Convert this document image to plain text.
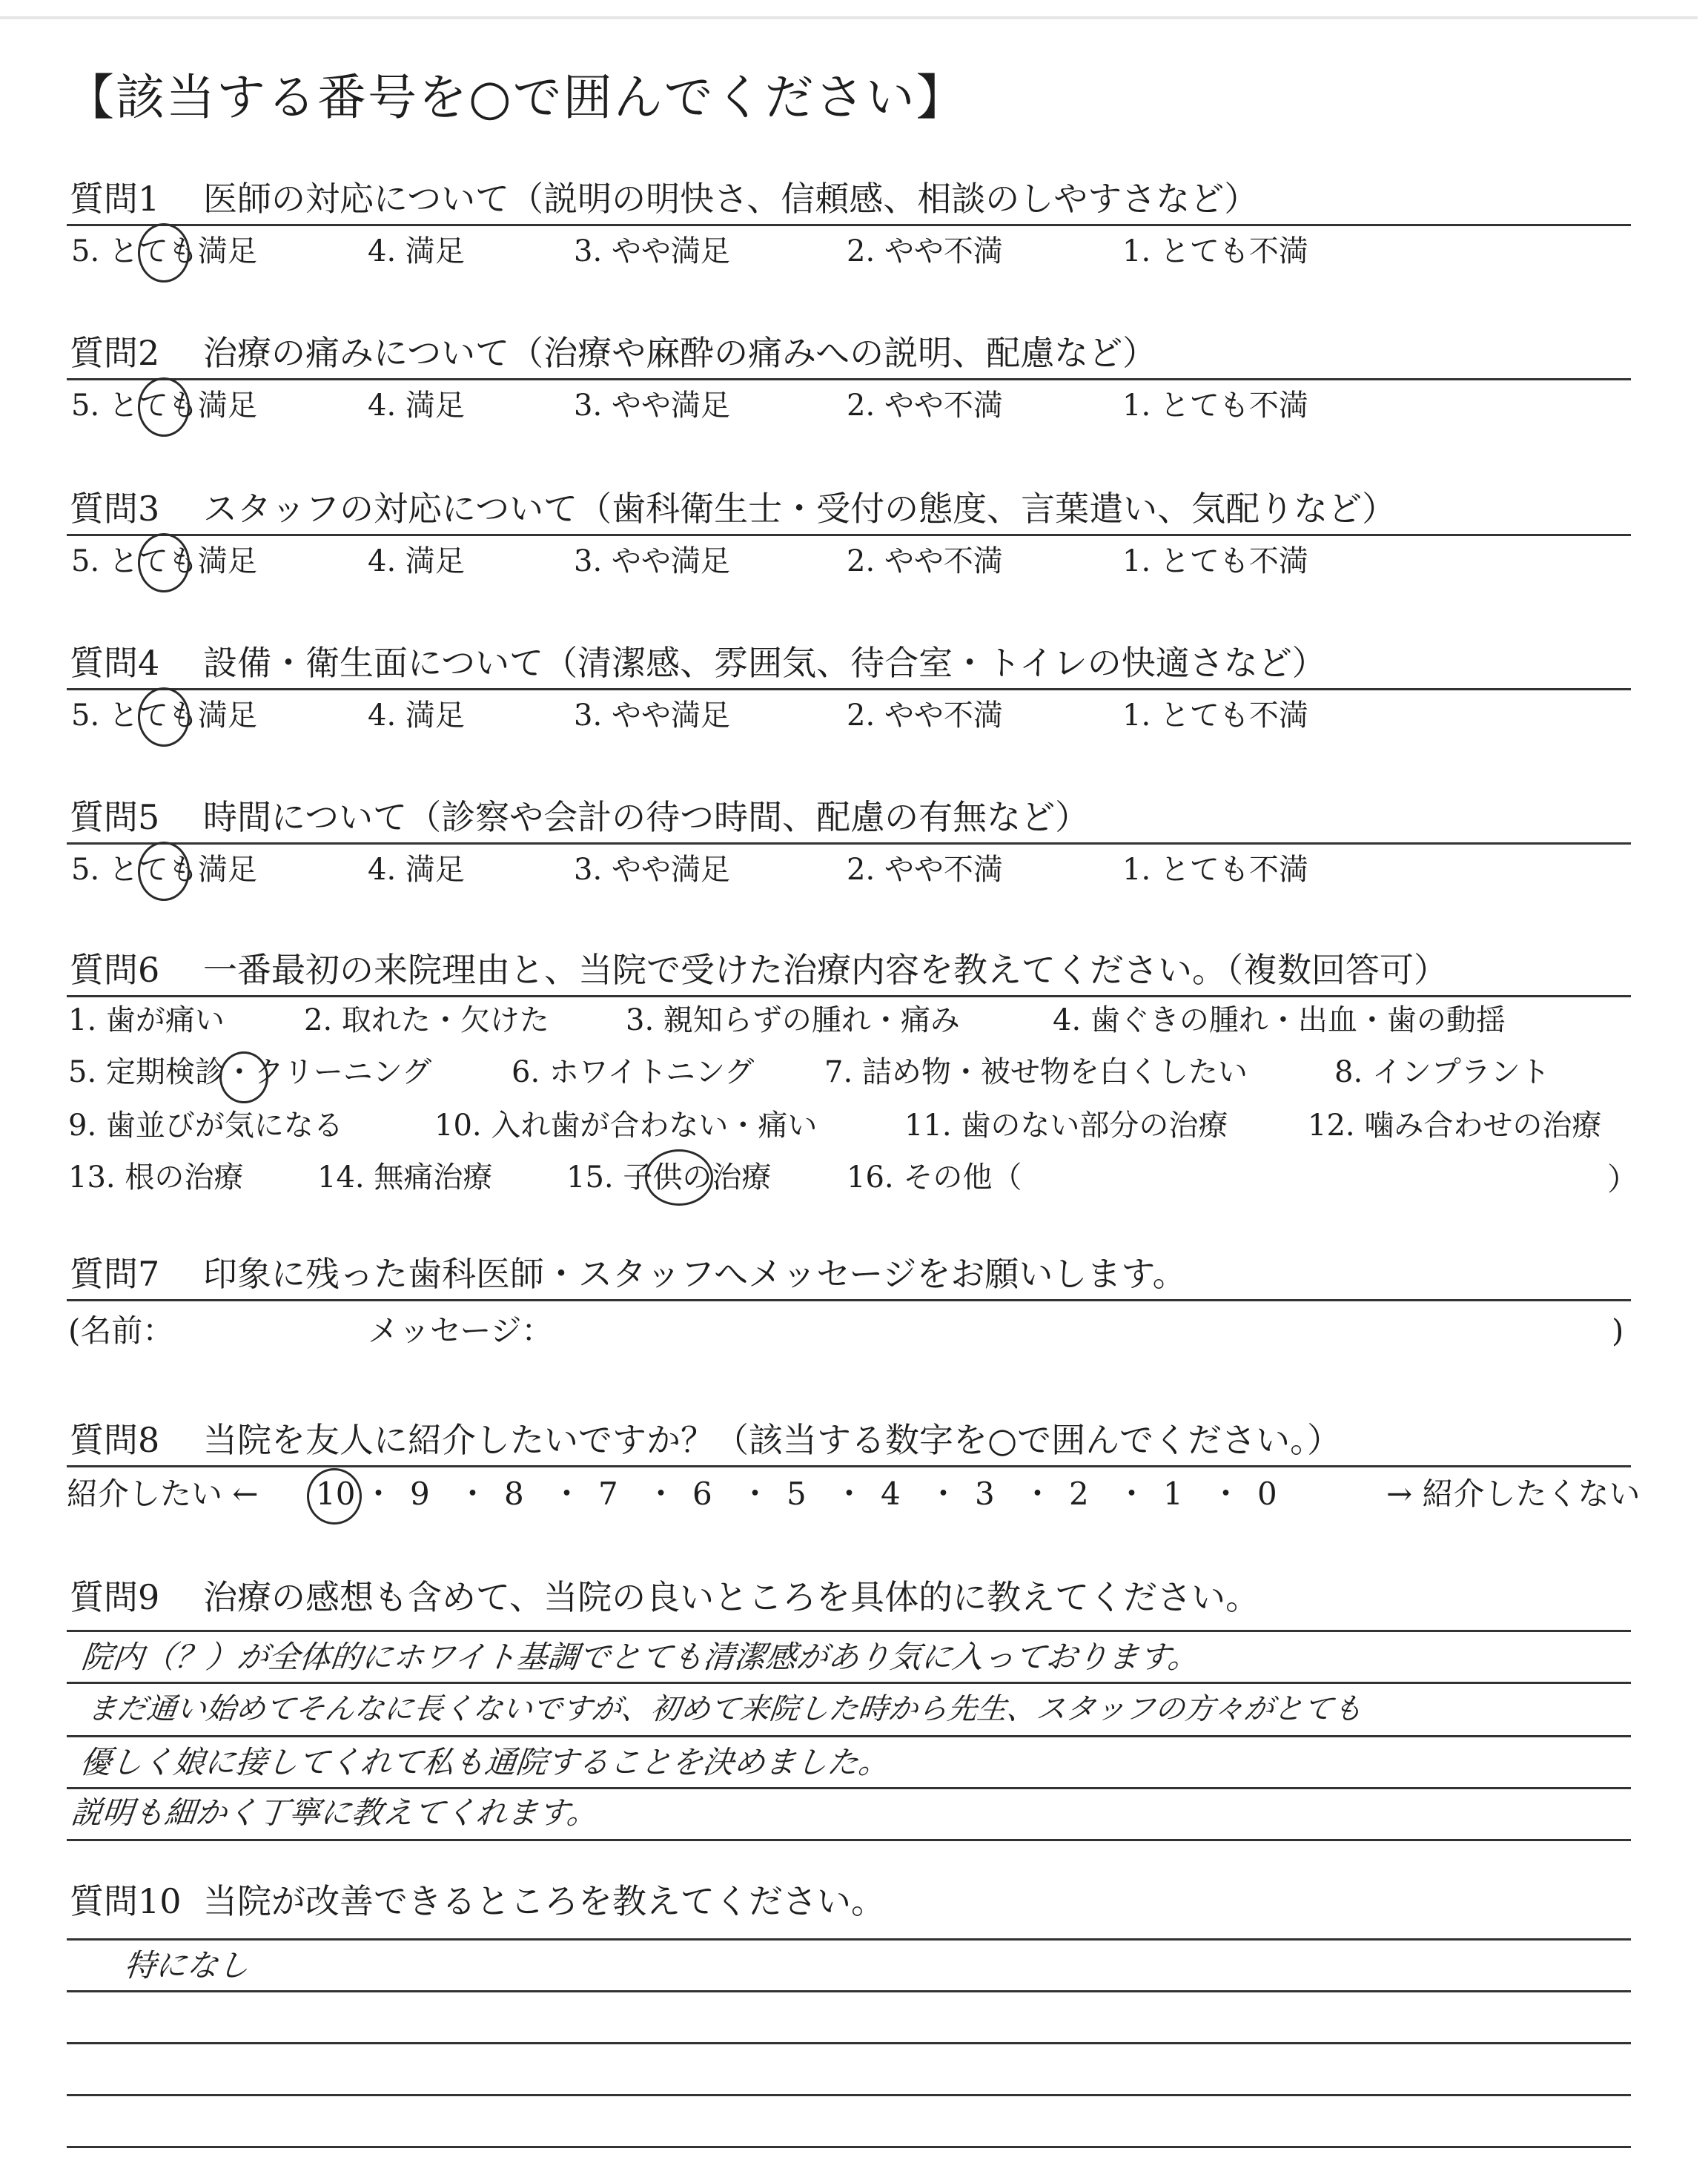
【該当する番号を○で囲んでください】
質問1 医師の対応について（説明の明快さ、信頼感、相談のしやすさなど）
5. とても満足	4. 満足	3. やや満足	2. やや不満	1. とても不満
質問2 治療の痛みについて（治療や麻酔の痛みへの説明、配慮など）
5. とても満足	4. 満足	3. やや満足	2. やや不満	1. とても不満
質問3 スタッフの対応について（歯科衛生士・受付の態度、言葉遣い、気配りなど）
5. とても満足	4. 満足	3. やや満足	2. やや不満	1. とても不満
質問4 設備・衛生面について（清潔感、雰囲気、待合室・トイレの快適さなど）
5. とても満足	4. 満足	3. やや満足	2. やや不満	1. とても不満
質問5 時間について（診察や会計の待つ時間、配慮の有無など）
5. とても満足	4. 満足	3. やや満足	2. やや不満	1. とても不満
質問6 一番最初の来院理由と、当院で受けた治療内容を教えてください。（複数回答可）
1. 歯が痛い	2. 取れた・欠けた	3. 親知らずの腫れ・痛み	4. 歯ぐきの腫れ・出血・歯の動揺
5. 定期検診・クリーニング	6. ホワイトニング 7. 詰め物・被せ物を白くしたい	8. インプラント
9. 歯並びが気になる	10. 入れ歯が合わない・痛い	11. 歯のない部分の治療	12. 噛み合わせの治療
13. 根の治療 14. 無痛治療 15. 子供の治療	16. その他（	）
質問7 印象に残った歯科医師・スタッフへメッセージをお願いします。
(名前：	メッセージ：	)
質問8 当院を友人に紹介したいですか？（該当する数字を○で囲んでください。）
紹介したい ←	→ 紹介したくない
10 ・ 9 ・ 8 ・ 7 ・ 6 ・ 5 ・ 4 ・ 3 ・ 2 ・ 1 ・ 0
質問9 治療の感想も含めて、当院の良いところを具体的に教えてください。
院内（？）が全体的にホワイト基調でとても清潔感があり気に入っております。
まだ通い始めてそんなに長くないですが、初めて来院した時から先生、スタッフの方々がとても
優しく娘に接してくれて私も通院することを決めました。
説明も細かく丁寧に教えてくれます。
質問10 当院が改善できるところを教えてください。
特になし
